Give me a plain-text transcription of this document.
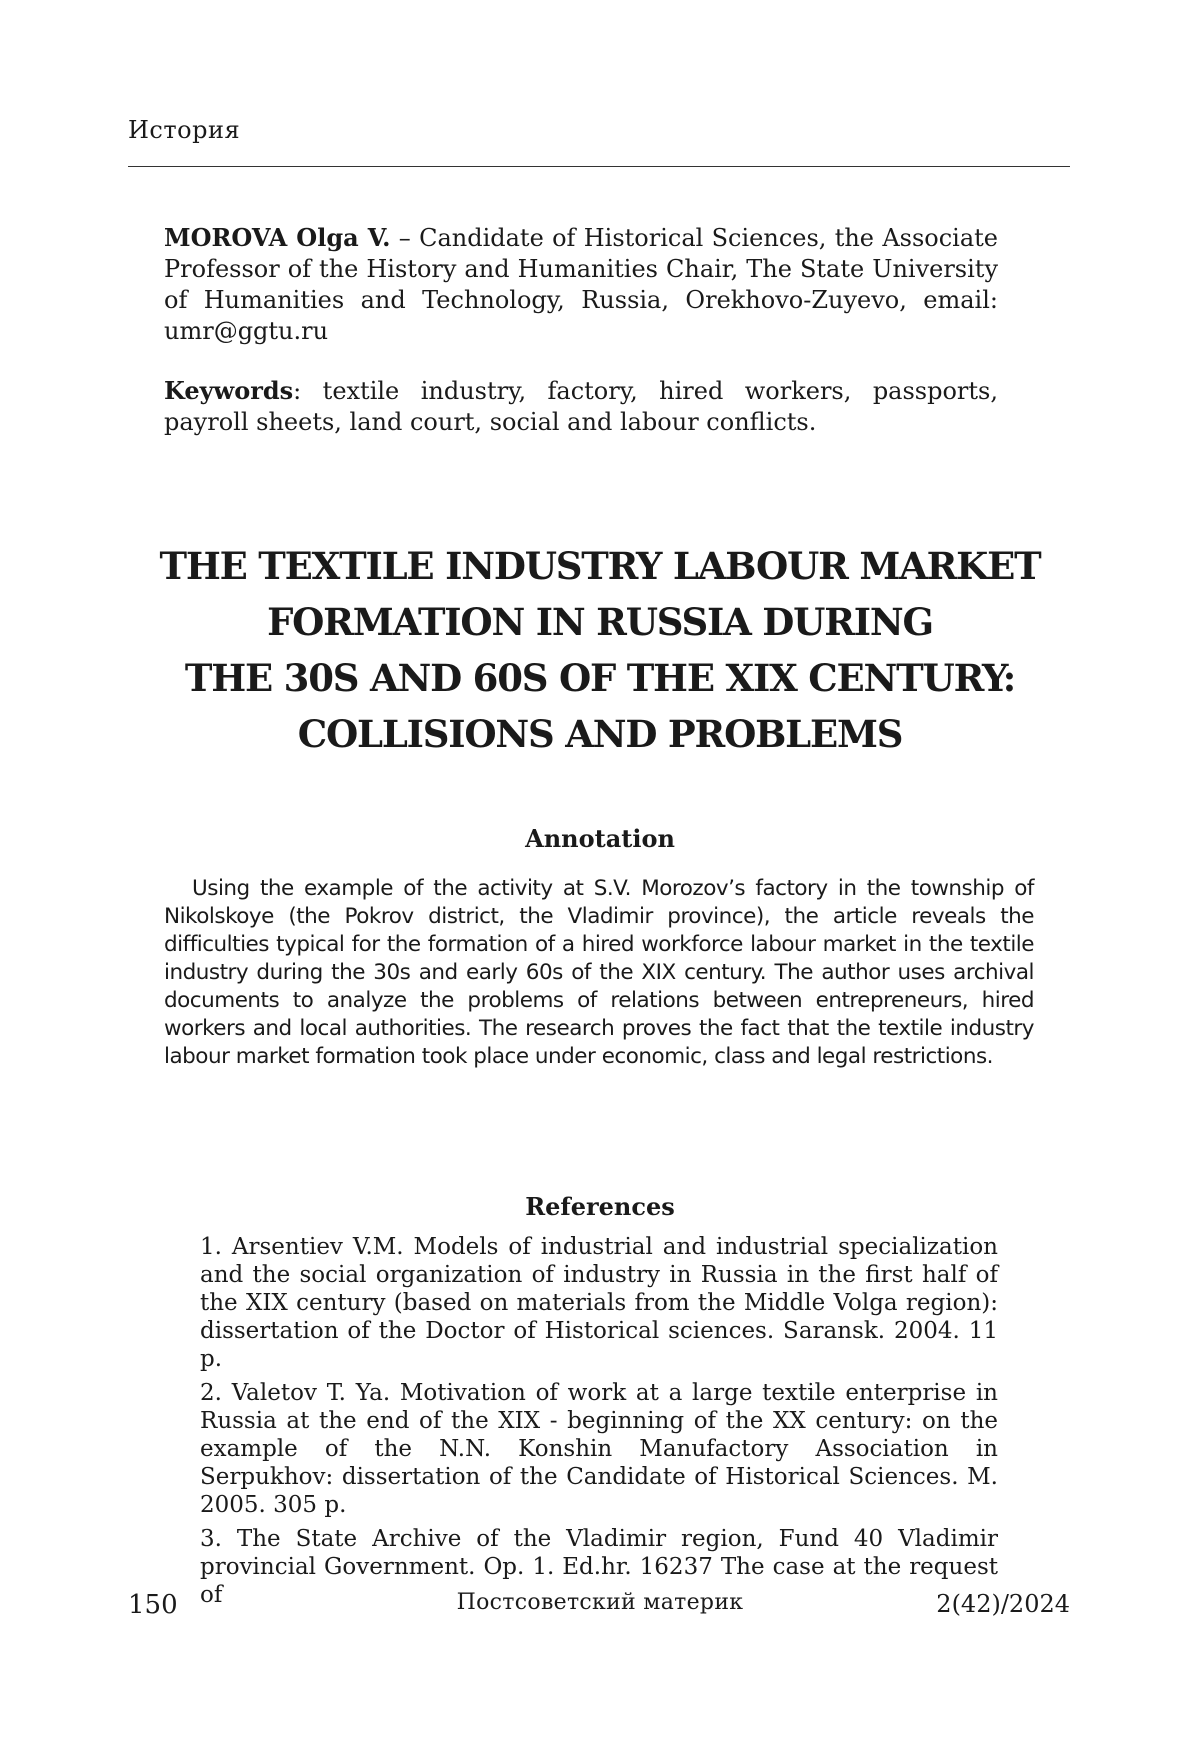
История
MOROVA Olga V. – Candidate of Historical Sciences, the Associate Professor of the History and Humanities Chair, The State University of Humanities and Technology, Russia, Orekhovo-Zuyevo, email: umr@ggtu.ru
Keywords: textile industry, factory, hired workers, passports, payroll sheets, land court, social and labour conflicts.
THE TEXTILE INDUSTRY LABOUR MARKET
FORMATION IN RUSSIA DURING
THE 30S AND 60S OF THE XIX CENTURY:
COLLISIONS AND PROBLEMS
Annotation
Using the example of the activity at S.V. Morozov’s factory in the township of Nikolskoye (the Pokrov district, the Vladimir province), the article reveals the difficulties typical for the formation of a hired workforce labour market in the textile industry during the 30s and early 60s of the XIX century. The author uses archival documents to analyze the problems of relations between entrepreneurs, hired workers and local authorities. The research proves the fact that the textile industry labour market formation took place under economic, class and legal restrictions.
References
1. Arsentiev V.M. Models of industrial and industrial specialization and the social organization of industry in Russia in the first half of the XIX century (based on materials from the Middle Volga region): dissertation of the Doctor of Historical sciences. Saransk. 2004. 11 p.
2. Valetov T. Ya. Motivation of work at a large textile enterprise in Russia at the end of the XIX - beginning of the XX century: on the example of the N.N. Konshin Manufactory Association in Serpukhov: dissertation of the Candidate of Historical Sciences. M. 2005. 305 p.
3. The State Archive of the Vladimir region, Fund 40 Vladimir provincial Government. Op. 1. Ed.hr. 16237 The case at the request of
150	Постсоветский материк	2(42)/2024
